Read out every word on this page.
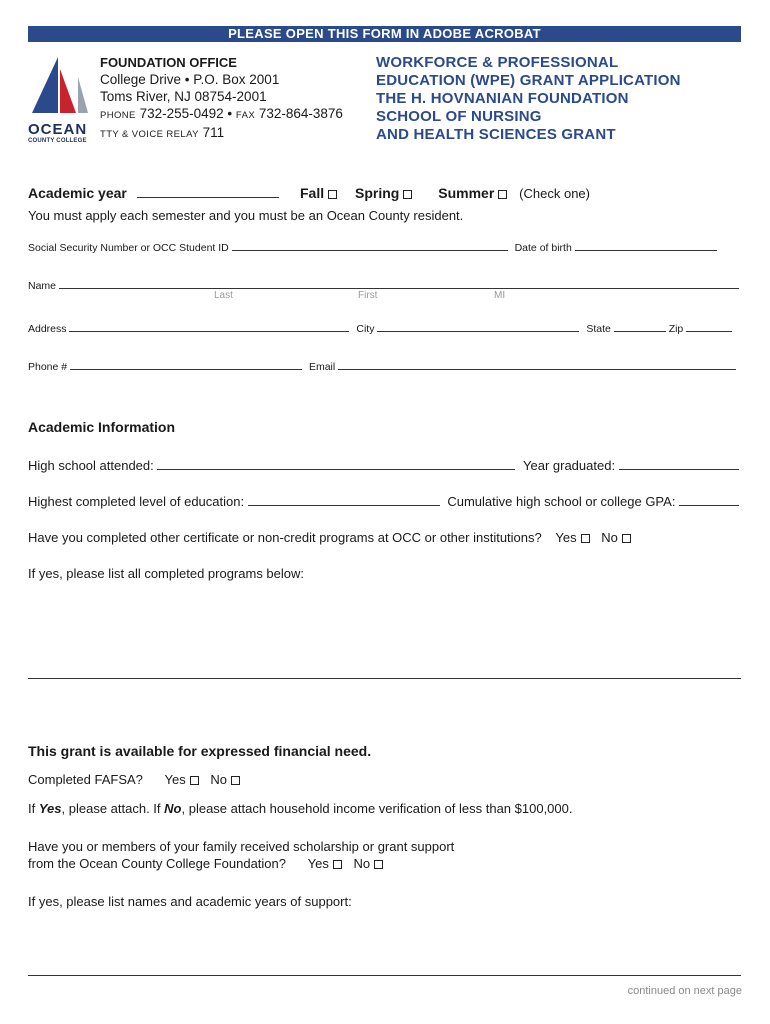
PLEASE OPEN THIS FORM IN ADOBE ACROBAT
OCEAN
COUNTY COLLEGE
FOUNDATION OFFICE
College Drive • P.O. Box 2001
Toms River, NJ 08754-2001
PHONE 732-255-0492 • FAX 732-864-3876
TTY & VOICE RELAY 711
WORKFORCE & PROFESSIONAL
EDUCATION (WPE) GRANT APPLICATION
THE H. HOVNANIAN FOUNDATION
SCHOOL OF NURSING
AND HEALTH SCIENCES GRANT
Academic year	Fall Spring	Summer (Check one)
You must apply each semester and you must be an Ocean County resident.
Social Security Number or OCC Student ID	Date of birth
Name
Last	First	MI
Address	City	State	Zip
Phone #	Email
Academic Information
High school attended:	Year graduated:
Highest completed level of education:	Cumulative high school or college GPA:
Have you completed other certificate or non-credit programs at OCC or other institutions? Yes No
If yes, please list all completed programs below:
This grant is available for expressed financial need.
Completed FAFSA? Yes No
If Yes, please attach. If No, please attach household income verification of less than $100,000.
Have you or members of your family received scholarship or grant support
from the Ocean County College Foundation? Yes No
If yes, please list names and academic years of support:
continued on next page
